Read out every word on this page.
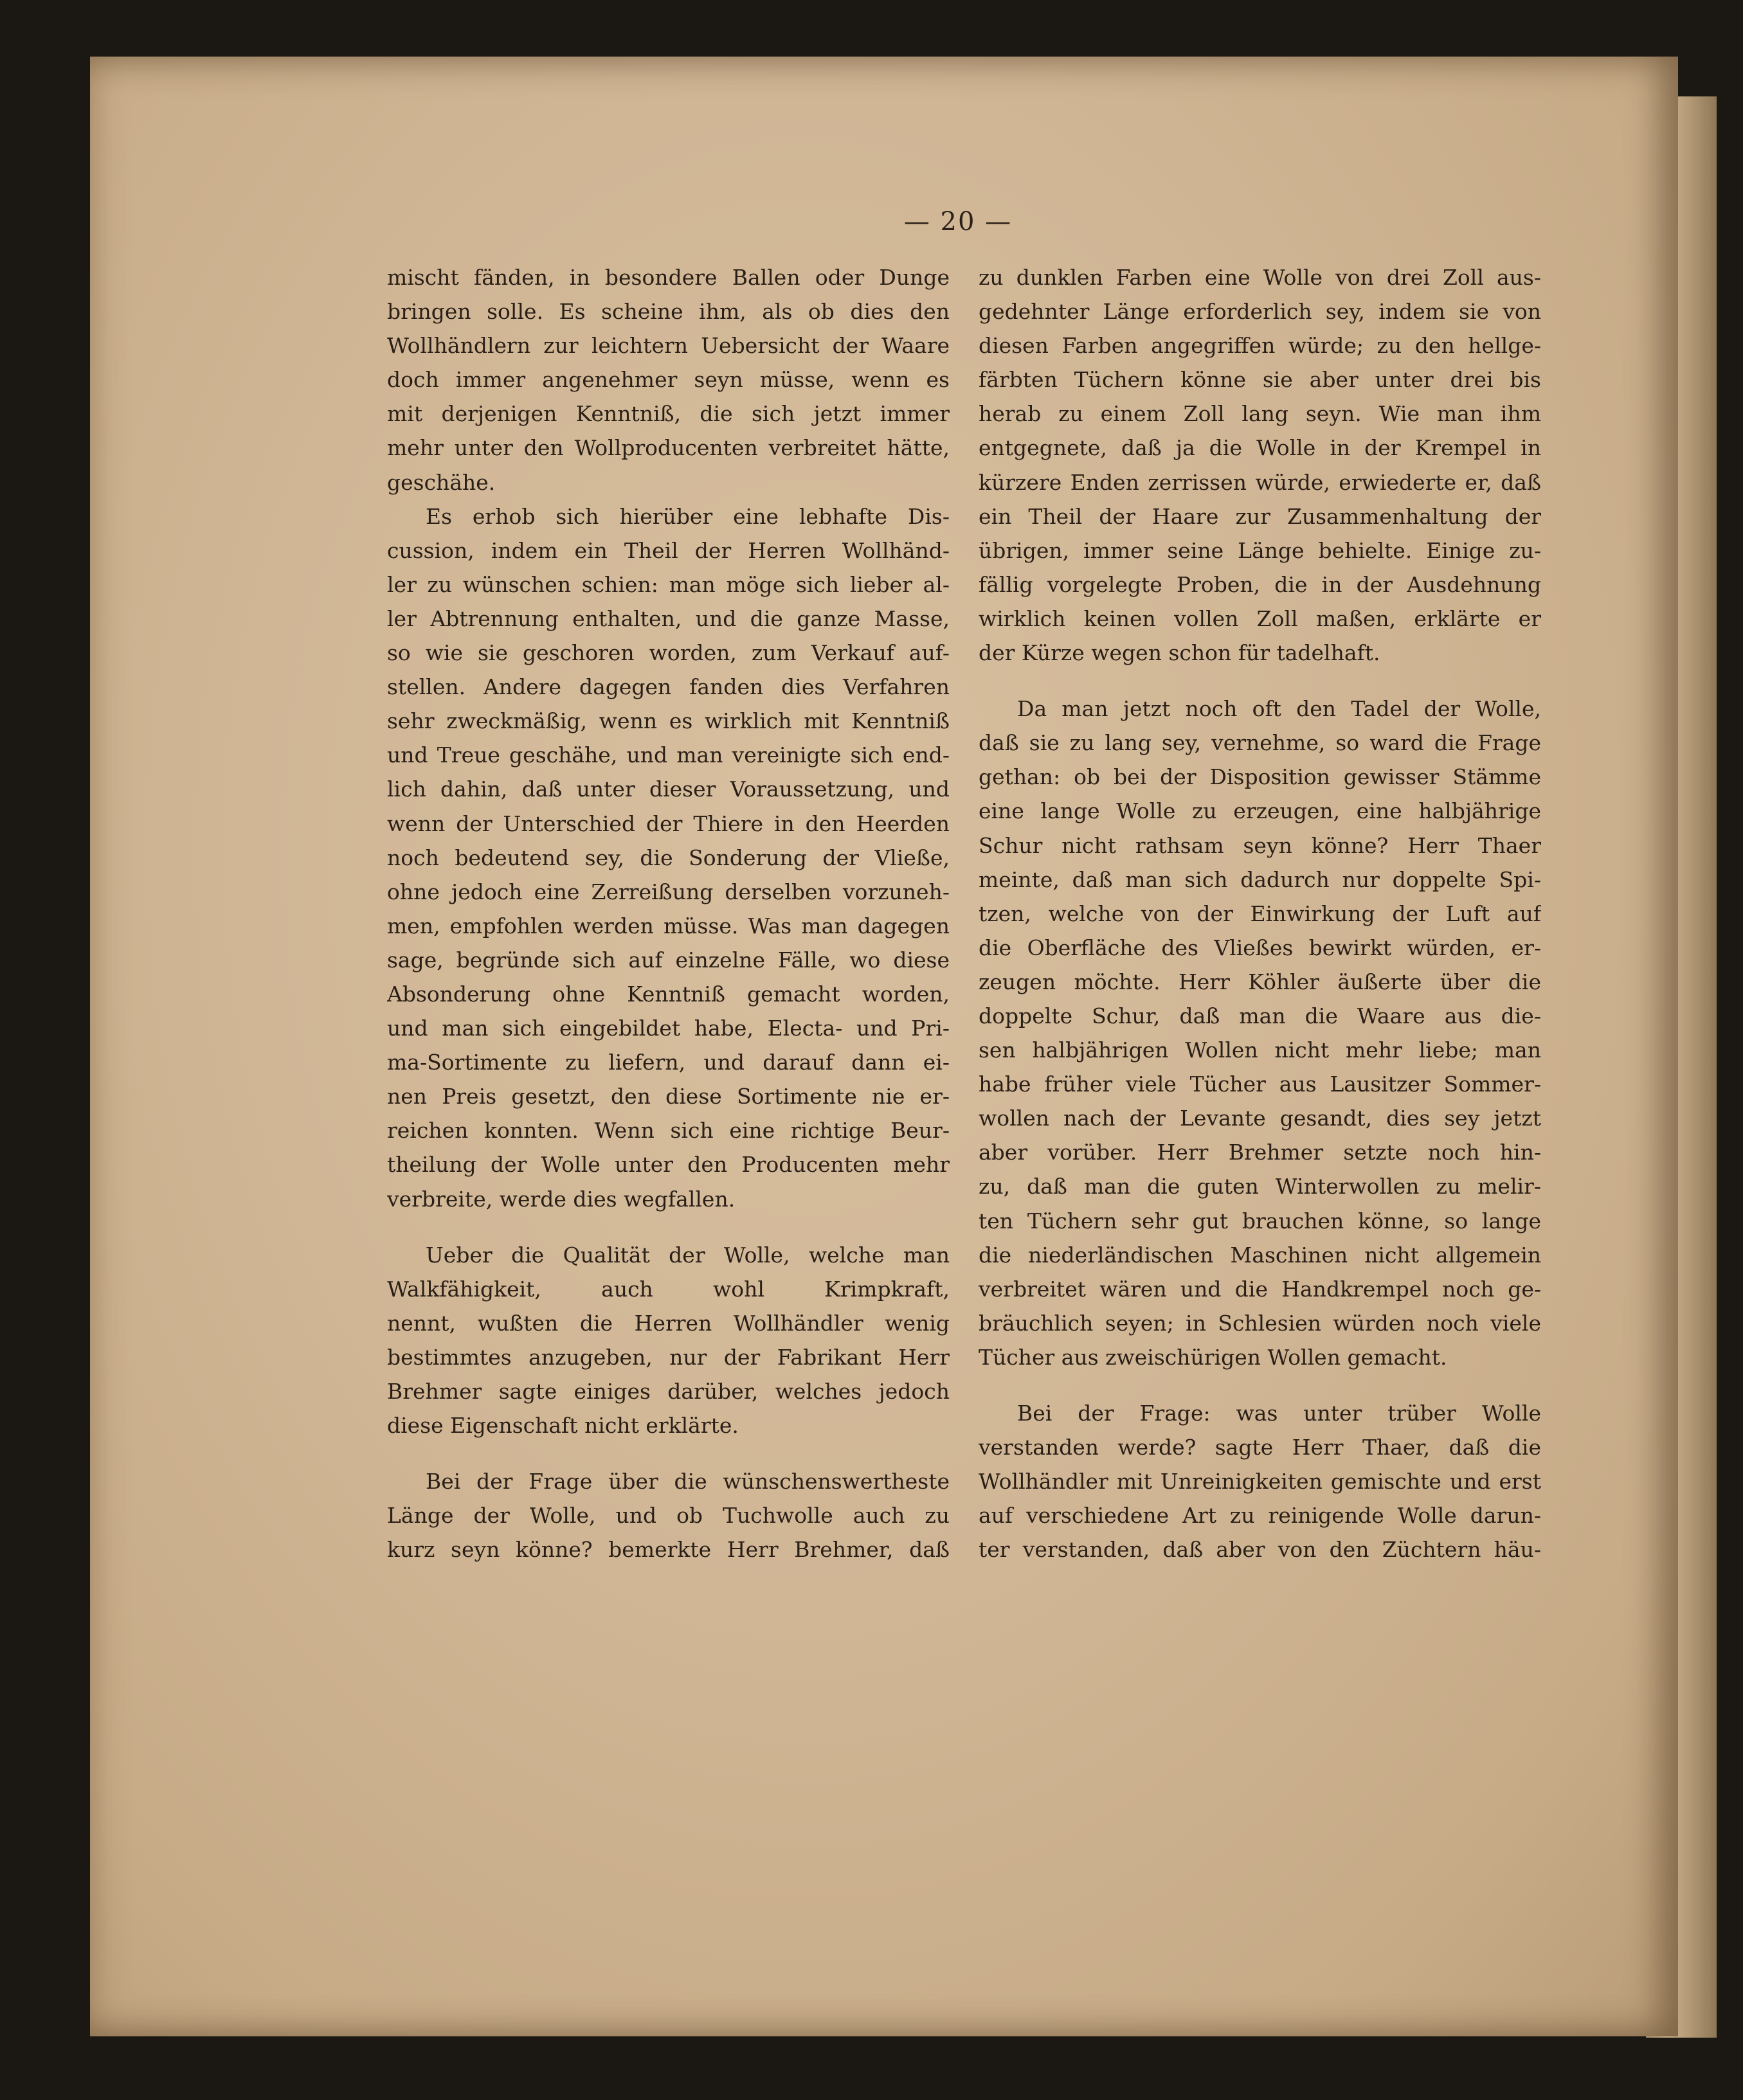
— 20 —
mischt fänden, in besondere Ballen oder Dunge
bringen solle. Es scheine ihm, als ob dies den
Wollhändlern zur leichtern Uebersicht der Waare
doch immer angenehmer seyn müsse, wenn es
mit derjenigen Kenntniß, die sich jetzt immer
mehr unter den Wollproducenten verbreitet hätte,
geschähe.
Es erhob sich hierüber eine lebhafte Dis-
cussion, indem ein Theil der Herren Wollhänd-
ler zu wünschen schien: man möge sich lieber al-
ler Abtrennung enthalten, und die ganze Masse,
so wie sie geschoren worden, zum Verkauf auf-
stellen. Andere dagegen fanden dies Verfahren
sehr zweckmäßig, wenn es wirklich mit Kenntniß
und Treue geschähe, und man vereinigte sich end-
lich dahin, daß unter dieser Voraussetzung, und
wenn der Unterschied der Thiere in den Heerden
noch bedeutend sey, die Sonderung der Vließe,
ohne jedoch eine Zerreißung derselben vorzuneh-
men, empfohlen werden müsse. Was man dagegen
sage, begründe sich auf einzelne Fälle, wo diese
Absonderung ohne Kenntniß gemacht worden,
und man sich eingebildet habe, Electa- und Pri-
ma-Sortimente zu liefern, und darauf dann ei-
nen Preis gesetzt, den diese Sortimente nie er-
reichen konnten. Wenn sich eine richtige Beur-
theilung der Wolle unter den Producenten mehr
verbreite, werde dies wegfallen.
Ueber die Qualität der Wolle, welche man
Walkfähigkeit, auch wohl Krimpkraft,
nennt, wußten die Herren Wollhändler wenig
bestimmtes anzugeben, nur der Fabrikant Herr
Brehmer sagte einiges darüber, welches jedoch
diese Eigenschaft nicht erklärte.
Bei der Frage über die wünschenswertheste
Länge der Wolle, und ob Tuchwolle auch zu
kurz seyn könne? bemerkte Herr Brehmer, daß
zu dunklen Farben eine Wolle von drei Zoll aus-
gedehnter Länge erforderlich sey, indem sie von
diesen Farben angegriffen würde; zu den hellge-
färbten Tüchern könne sie aber unter drei bis
herab zu einem Zoll lang seyn. Wie man ihm
entgegnete, daß ja die Wolle in der Krempel in
kürzere Enden zerrissen würde, erwiederte er, daß
ein Theil der Haare zur Zusammenhaltung der
übrigen, immer seine Länge behielte. Einige zu-
fällig vorgelegte Proben, die in der Ausdehnung
wirklich keinen vollen Zoll maßen, erklärte er
der Kürze wegen schon für tadelhaft.
Da man jetzt noch oft den Tadel der Wolle,
daß sie zu lang sey, vernehme, so ward die Frage
gethan: ob bei der Disposition gewisser Stämme
eine lange Wolle zu erzeugen, eine halbjährige
Schur nicht rathsam seyn könne? Herr Thaer
meinte, daß man sich dadurch nur doppelte Spi-
tzen, welche von der Einwirkung der Luft auf
die Oberfläche des Vließes bewirkt würden, er-
zeugen möchte. Herr Köhler äußerte über die
doppelte Schur, daß man die Waare aus die-
sen halbjährigen Wollen nicht mehr liebe; man
habe früher viele Tücher aus Lausitzer Sommer-
wollen nach der Levante gesandt, dies sey jetzt
aber vorüber. Herr Brehmer setzte noch hin-
zu, daß man die guten Winterwollen zu melir-
ten Tüchern sehr gut brauchen könne, so lange
die niederländischen Maschinen nicht allgemein
verbreitet wären und die Handkrempel noch ge-
bräuchlich seyen; in Schlesien würden noch viele
Tücher aus zweischürigen Wollen gemacht.
Bei der Frage: was unter trüber Wolle
verstanden werde? sagte Herr Thaer, daß die
Wollhändler mit Unreinigkeiten gemischte und erst
auf verschiedene Art zu reinigende Wolle darun-
ter verstanden, daß aber von den Züchtern häu-
